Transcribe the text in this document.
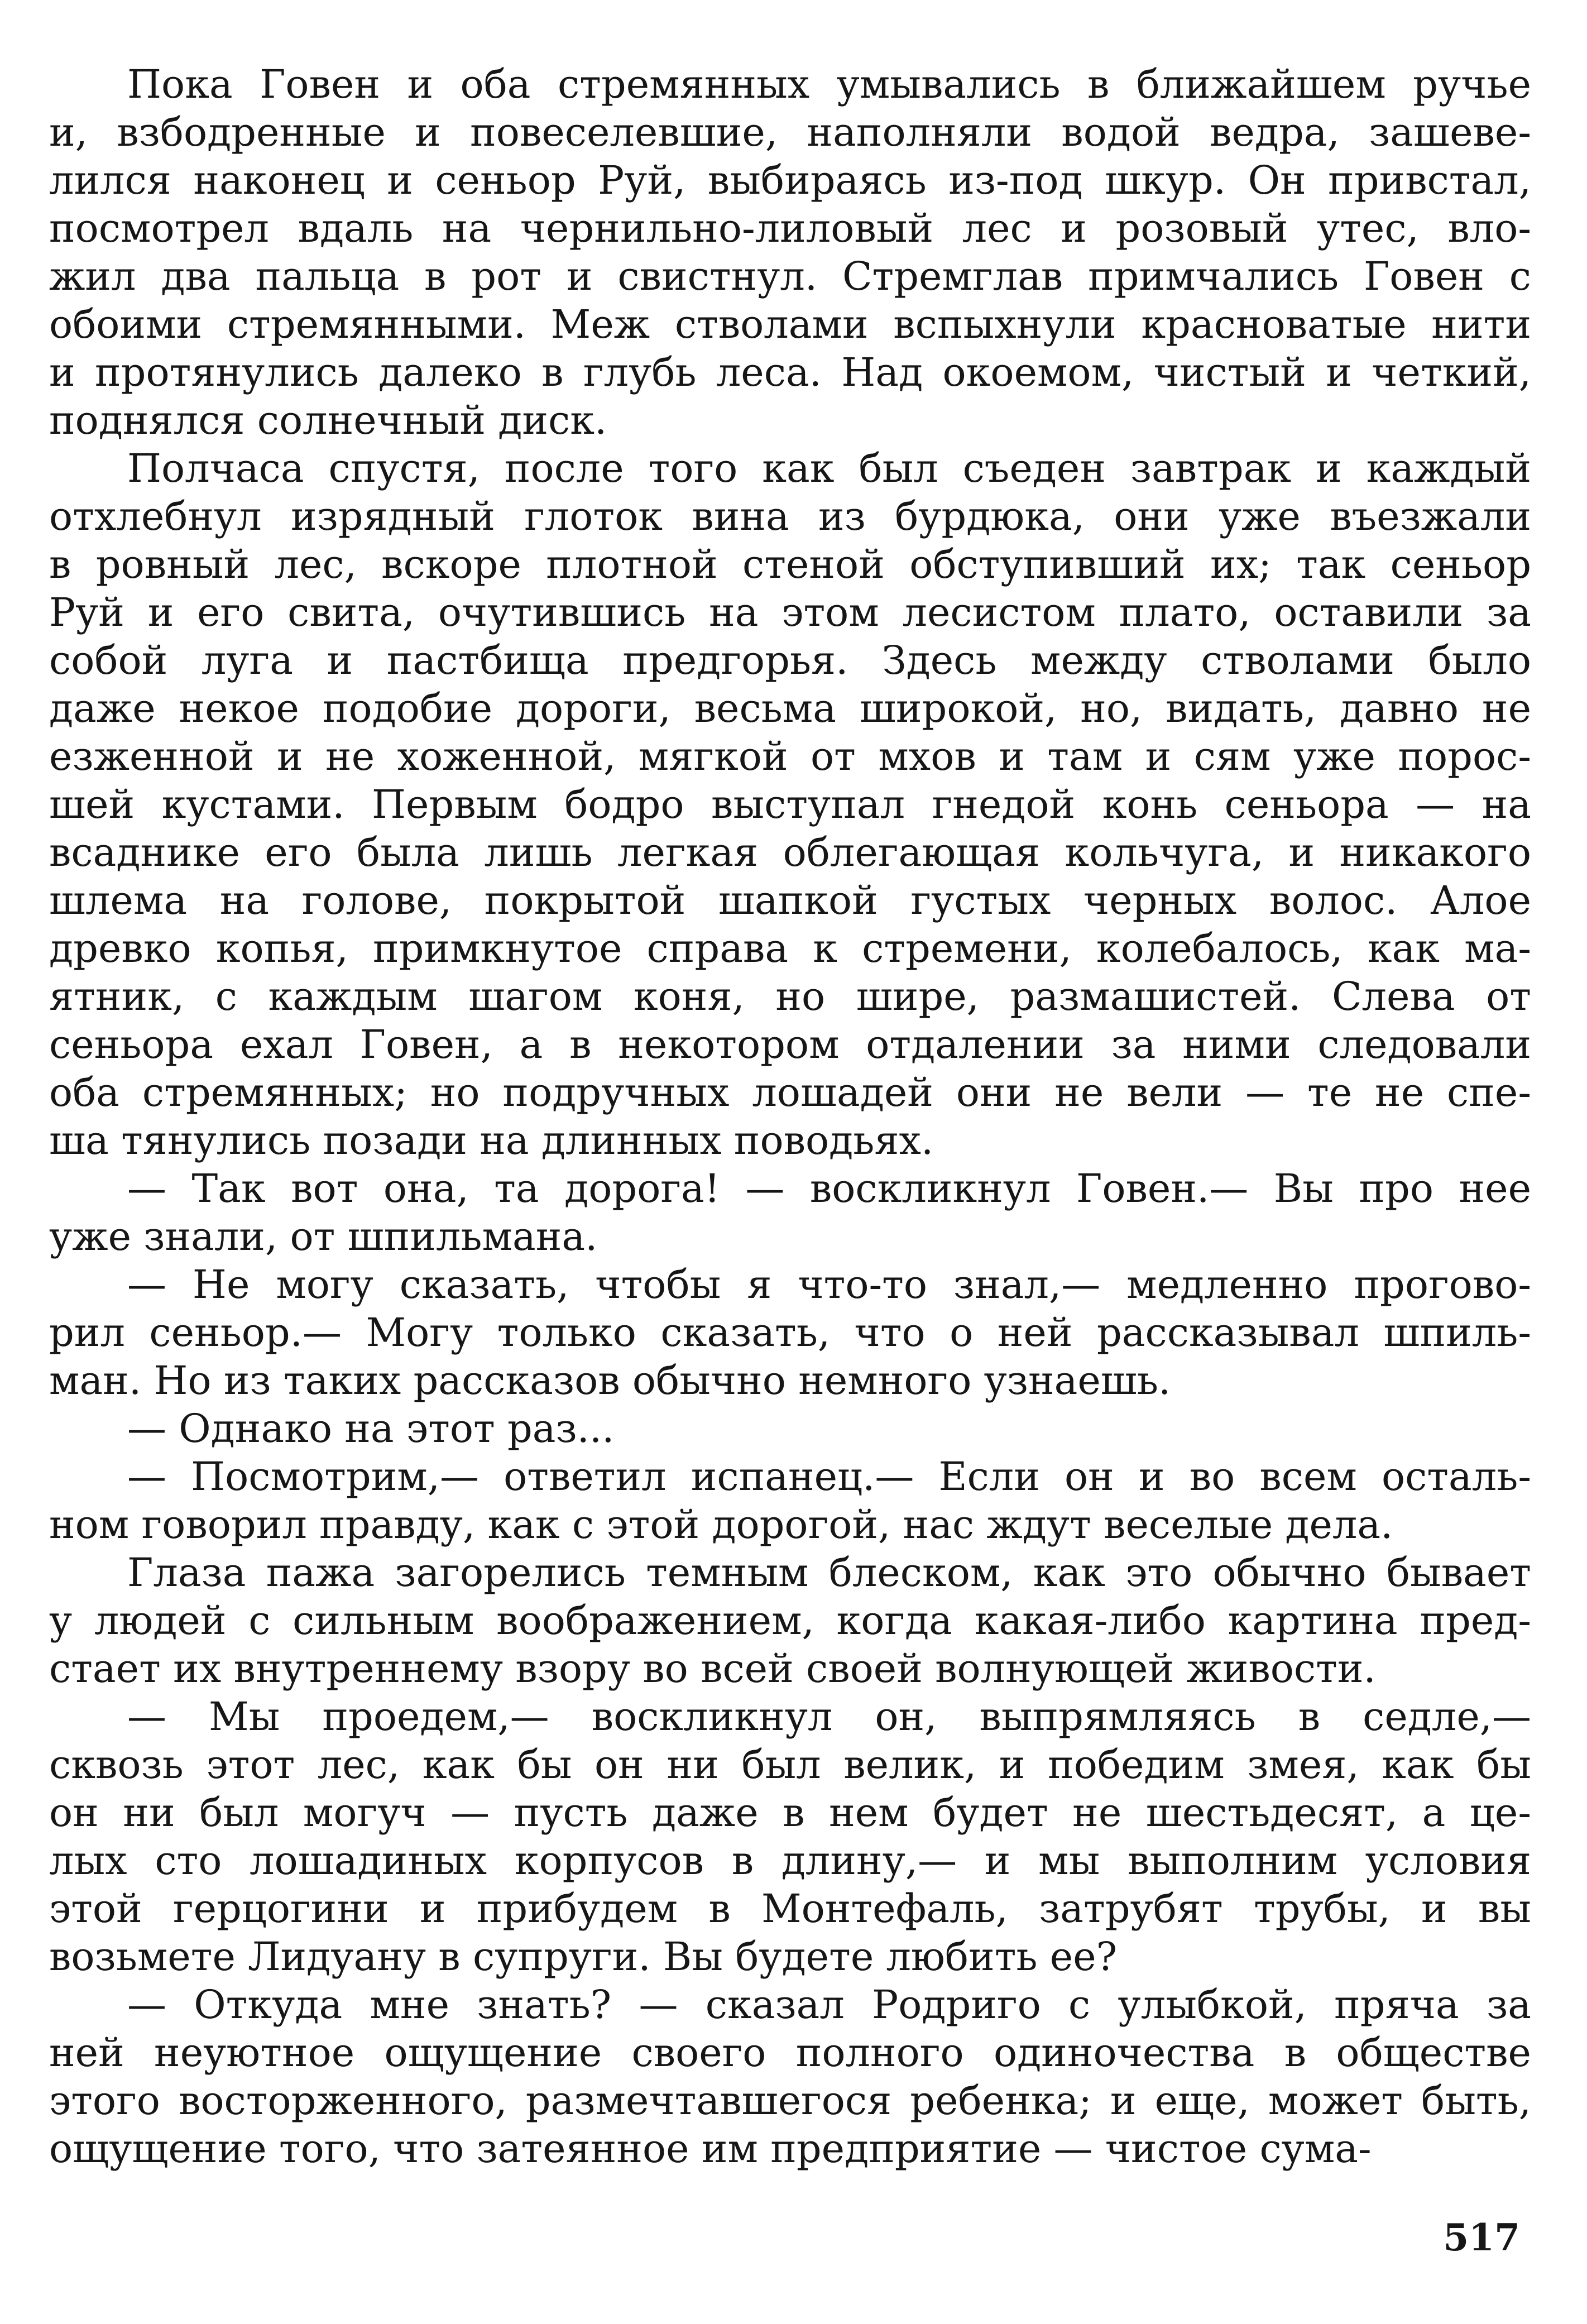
Пока Говен и оба стремянных умывались в ближайшем ручье
и, взбодренные и повеселевшие, наполняли водой ведра, зашеве-
лился наконец и сеньор Руй, выбираясь из-под шкур. Он привстал,
посмотрел вдаль на чернильно-лиловый лес и розовый утес, вло-
жил два пальца в рот и свистнул. Стремглав примчались Говен с
обоими стремянными. Меж стволами вспыхнули красноватые нити
и протянулись далеко в глубь леса. Над окоемом, чистый и четкий,
поднялся солнечный диск.
Полчаса спустя, после того как был съеден завтрак и каждый
отхлебнул изрядный глоток вина из бурдюка, они уже въезжали
в ровный лес, вскоре плотной стеной обступивший их; так сеньор
Руй и его свита, очутившись на этом лесистом плато, оставили за
собой луга и пастбища предгорья. Здесь между стволами было
даже некое подобие дороги, весьма широкой, но, видать, давно не
езженной и не хоженной, мягкой от мхов и там и сям уже порос-
шей кустами. Первым бодро выступал гнедой конь сеньора — на
всаднике его была лишь легкая облегающая кольчуга, и никакого
шлема на голове, покрытой шапкой густых черных волос. Алое
древко копья, примкнутое справа к стремени, колебалось, как ма-
ятник, с каждым шагом коня, но шире, размашистей. Слева от
сеньора ехал Говен, а в некотором отдалении за ними следовали
оба стремянных; но подручных лошадей они не вели — те не спе-
ша тянулись позади на длинных поводьях.
— Так вот она, та дорога! — воскликнул Говен.— Вы про нее
уже знали, от шпильмана.
— Не могу сказать, чтобы я что-то знал,— медленно прогово-
рил сеньор.— Могу только сказать, что о ней рассказывал шпиль-
ман. Но из таких рассказов обычно немного узнаешь.
— Однако на этот раз...
— Посмотрим,— ответил испанец.— Если он и во всем осталь-
ном говорил правду, как с этой дорогой, нас ждут веселые дела.
Глаза пажа загорелись темным блеском, как это обычно бывает
у людей с сильным воображением, когда какая-либо картина пред-
стает их внутреннему взору во всей своей волнующей живости.
— Мы проедем,— воскликнул он, выпрямляясь в седле,—
сквозь этот лес, как бы он ни был велик, и победим змея, как бы
он ни был могуч — пусть даже в нем будет не шестьдесят, а це-
лых сто лошадиных корпусов в длину,— и мы выполним условия
этой герцогини и прибудем в Монтефаль, затрубят трубы, и вы
возьмете Лидуану в супруги. Вы будете любить ее?
— Откуда мне знать? — сказал Родриго с улыбкой, пряча за
ней неуютное ощущение своего полного одиночества в обществе
этого восторженного, размечтавшегося ребенка; и еще, может быть,
ощущение того, что затеянное им предприятие — чистое сума-
517
